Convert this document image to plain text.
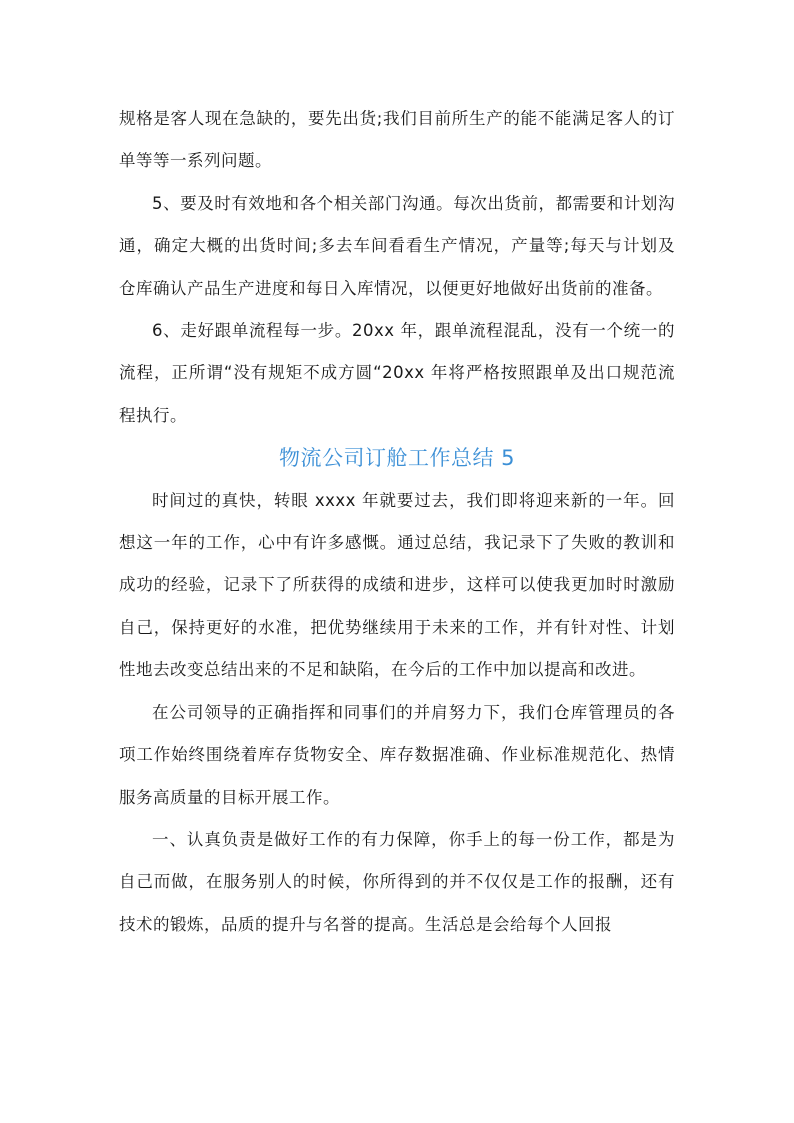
规格是客人现在急缺的，要先出货;我们目前所生产的能不能满足客人的订单等等一系列问题。

5、要及时有效地和各个相关部门沟通。每次出货前，都需要和计划沟通，确定大概的出货时间;多去车间看看生产情况，产量等;每天与计划及仓库确认产品生产进度和每日入库情况，以便更好地做好出货前的准备。

6、走好跟单流程每一步。20xx 年，跟单流程混乱，没有一个统一的流程，正所谓“没有规矩不成方圆“20xx 年将严格按照跟单及出口规范流程执行。

物流公司订舱工作总结 5

时间过的真快，转眼 xxxx 年就要过去，我们即将迎来新的一年。回想这一年的工作，心中有许多感慨。通过总结，我记录下了失败的教训和成功的经验，记录下了所获得的成绩和进步，这样可以使我更加时时激励自己，保持更好的水准，把优势继续用于未来的工作，并有针对性、计划性地去改变总结出来的不足和缺陷，在今后的工作中加以提高和改进。

在公司领导的正确指挥和同事们的并肩努力下，我们仓库管理员的各项工作始终围绕着库存货物安全、库存数据准确、作业标准规范化、热情服务高质量的目标开展工作。

一、认真负责是做好工作的有力保障，你手上的每一份工作，都是为自己而做，在服务别人的时候，你所得到的并不仅仅是工作的报酬，还有技术的锻炼，品质的提升与名誉的提高。生活总是会给每个人回报
